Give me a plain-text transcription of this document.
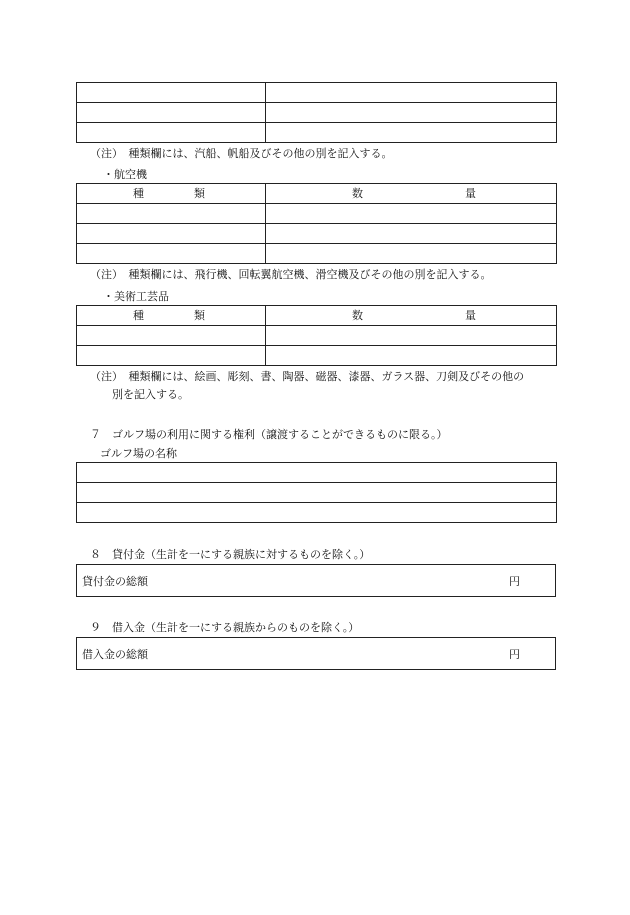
（注）　種類欄には、汽船、帆船及びその他の別を記入する。
・航空機
種 類	数 量

（注）　種類欄には、飛行機、回転翼航空機、滑空機及びその他の別を記入する。
・美術工芸品
種 類	数 量

（注）　種類欄には、絵画、彫刻、書、陶器、磁器、漆器、ガラス器、刀剣及びその他の
別を記入する。
７　ゴルフ場の利用に関する権利（譲渡することができるものに限る。）
ゴルフ場の名称

８　貸付金（生計を一にする親族に対するものを除く。）
貸付金の総額	円
９　借入金（生計を一にする親族からのものを除く。）
借入金の総額	円
